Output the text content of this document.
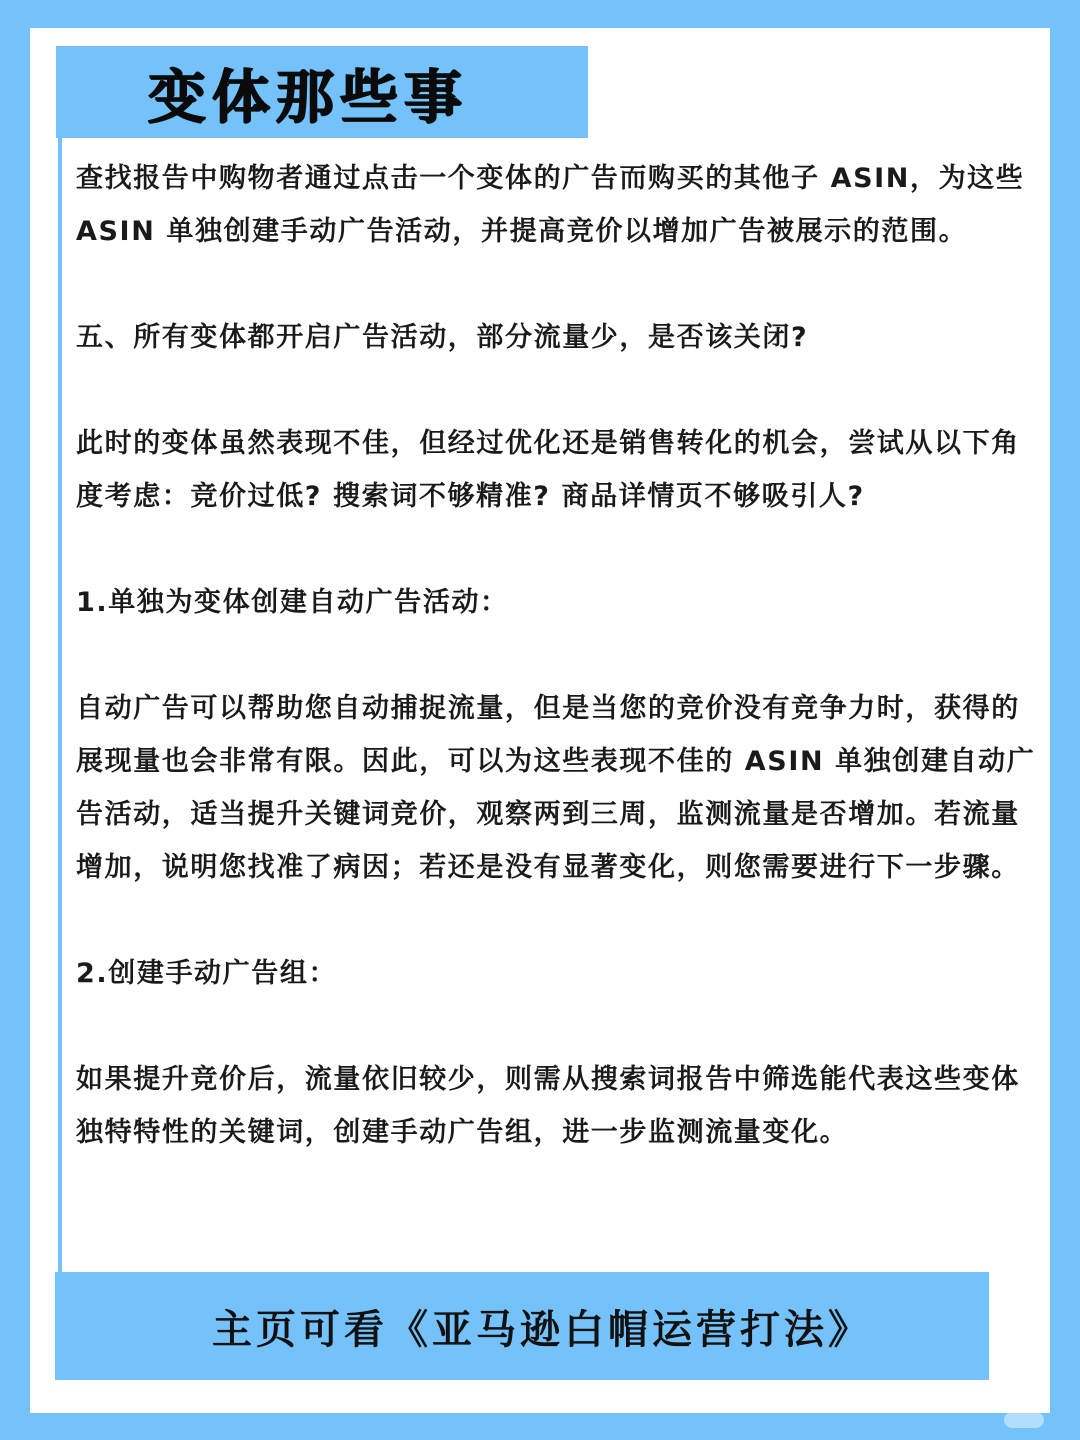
变体那些事

查找报告中购物者通过点击一个变体的广告而购买的其他子 ASIN，为这些 ASIN 单独创建手动广告活动，并提高竞价以增加广告被展示的范围。

五、所有变体都开启广告活动，部分流量少，是否该关闭?

此时的变体虽然表现不佳，但经过优化还是销售转化的机会，尝试从以下角度考虑：竞价过低? 搜索词不够精准? 商品详情页不够吸引人?

1.单独为变体创建自动广告活动：

自动广告可以帮助您自动捕捉流量，但是当您的竞价没有竞争力时，获得的展现量也会非常有限。因此，可以为这些表现不佳的 ASIN 单独创建自动广告活动，适当提升关键词竞价，观察两到三周，监测流量是否增加。若流量增加，说明您找准了病因；若还是没有显著变化，则您需要进行下一步骤。

2.创建手动广告组：

如果提升竞价后，流量依旧较少，则需从搜索词报告中筛选能代表这些变体独特特性的关键词，创建手动广告组，进一步监测流量变化。

主页可看《亚马逊白帽运营打法》
